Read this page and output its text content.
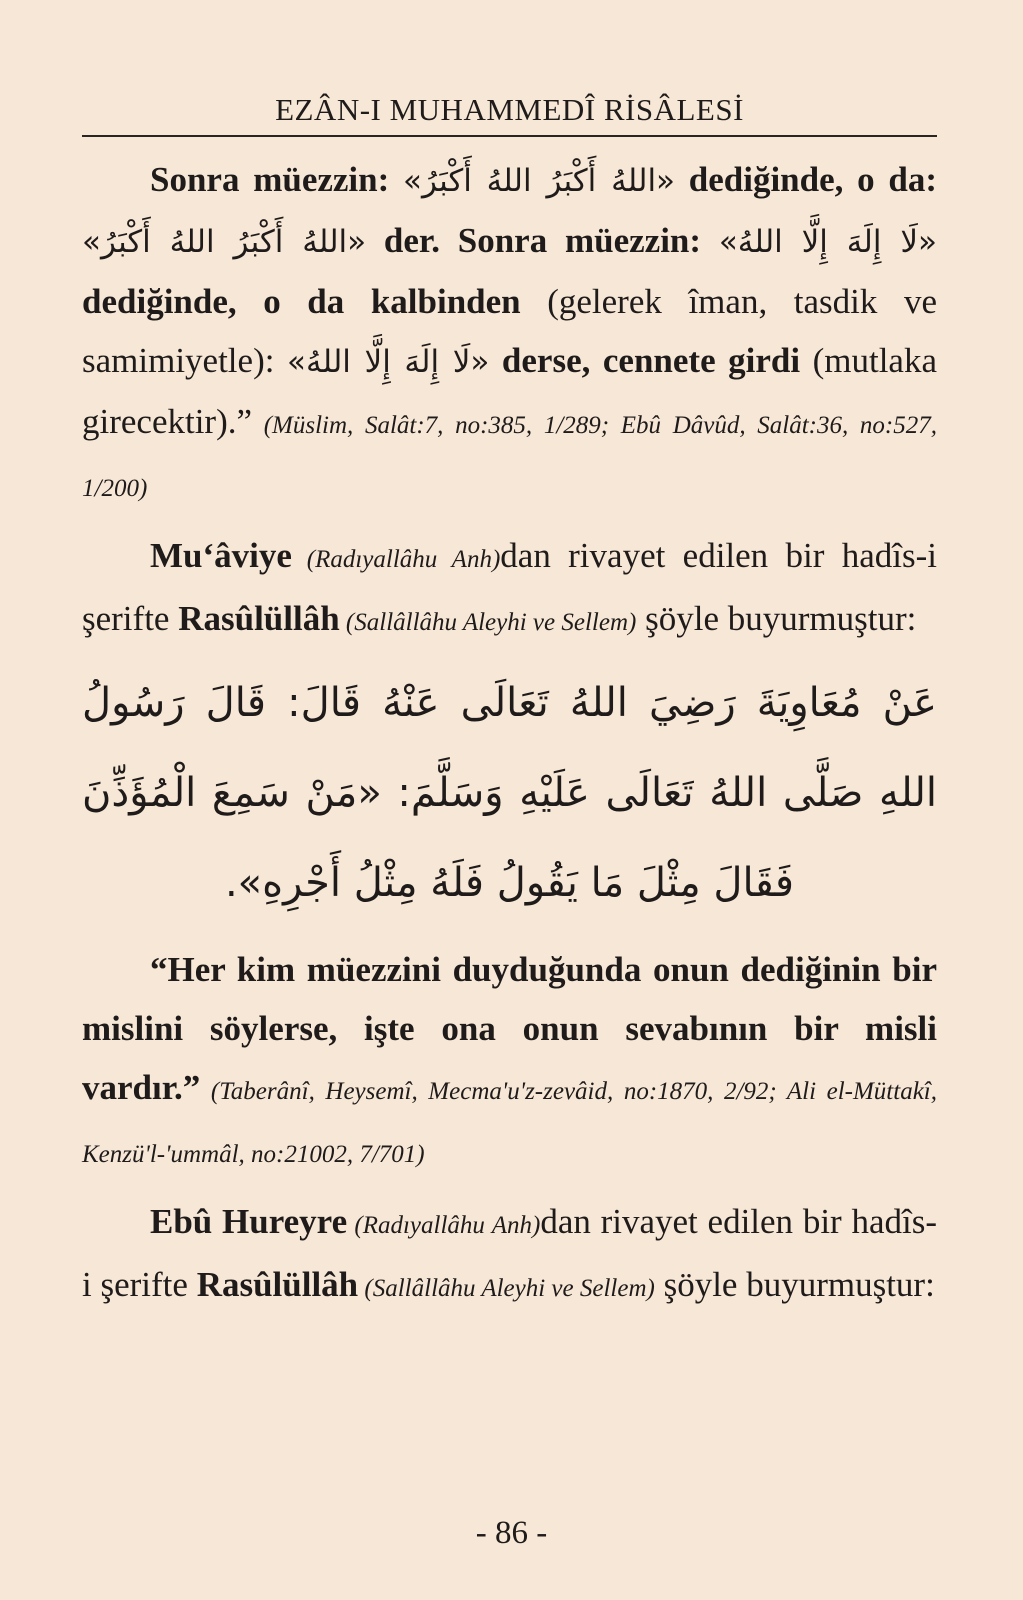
EZÂN-I MUHAMMEDÎ RİSÂLESİ

Sonra müezzin: «اللهُ أَكْبَرُ اللهُ أَكْبَرُ» dediğinde, o da: «اللهُ أَكْبَرُ اللهُ أَكْبَرُ» der. Sonra müezzin: «لَا إِلَهَ إِلَّا اللهُ» dediğinde, o da kalbinden (gelerek îman, tasdik ve samimiyetle): «لَا إِلَهَ إِلَّا اللهُ» derse, cennete girdi (mutlaka girecektir).” (Müslim, Salât:7, no:385, 1/289; Ebû Dâvûd, Salât:36, no:527, 1/200)

Mu‘âviye (Radıyallâhu Anh)dan rivayet edilen bir hadîs-i şerifte Rasûlüllâh (Sallâllâhu Aleyhi ve Sellem) şöyle buyurmuştur:

عَنْ مُعَاوِيَةَ رَضِيَ اللهُ تَعَالَى عَنْهُ قَالَ: قَالَ رَسُولُ اللهِ صَلَّى اللهُ تَعَالَى عَلَيْهِ وَسَلَّمَ: «مَنْ سَمِعَ الْمُؤَذِّنَ فَقَالَ مِثْلَ مَا يَقُولُ فَلَهُ مِثْلُ أَجْرِهِ».

“Her kim müezzini duyduğunda onun dediğinin bir mislini söylerse, işte ona onun sevabının bir misli vardır.” (Taberânî, Heysemî, Mecma'u'z-zevâid, no:1870, 2/92; Ali el-Müttakî, Kenzü'l-'ummâl, no:21002, 7/701)

Ebû Hureyre (Radıyallâhu Anh)dan rivayet edilen bir hadîs-i şerifte Rasûlüllâh (Sallâllâhu Aleyhi ve Sellem) şöyle buyurmuştur:

- 86 -
